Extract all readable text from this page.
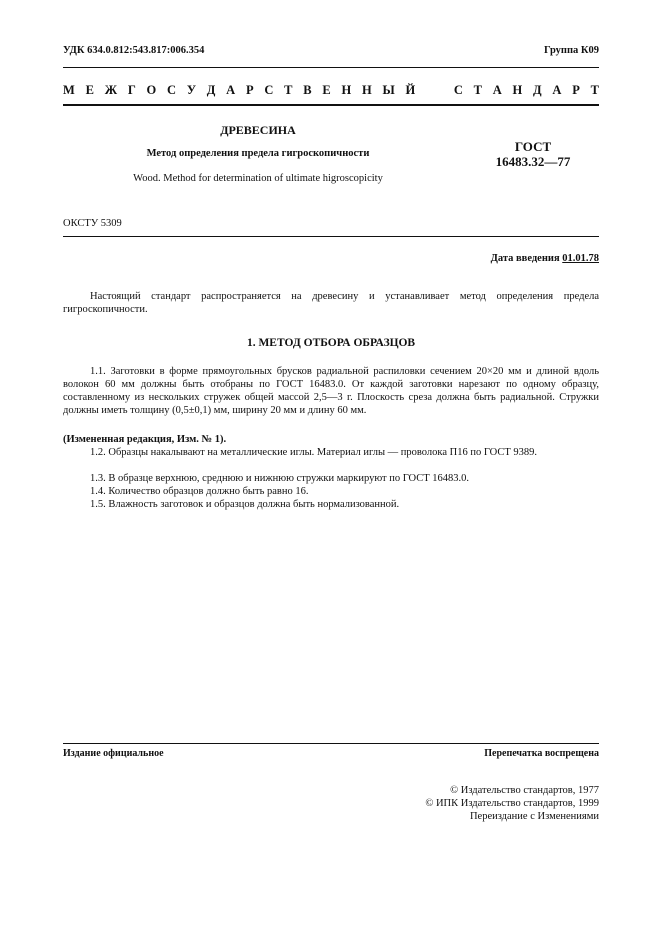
УДК 634.0.812:543.817:006.354	Группа К09
М Е Ж Г О С У Д А Р С Т В Е Н Н Ы Й

	С Т А Н Д А Р Т
ДРЕВЕСИНА
Метод определения предела гигроскопичности
Wood. Method for determination of ultimate higroscopicity
ГОСТ
16483.32—77
ОКСТУ 5309
Дата введения 01.01.78
Настоящий стандарт распространяется на древесину и устанавливает метод определения предела гигроскопичности.
1. МЕТОД ОТБОРА ОБРАЗЦОВ
1.1. Заготовки в форме прямоугольных брусков радиальной распиловки сечением 20×20 мм и длиной вдоль волокон 60 мм должны быть отобраны по ГОСТ 16483.0. От каждой заготовки нарезают по одному образцу, составленному из нескольких стружек общей массой 2,5—3 г. Плоскость среза должна быть радиальной. Стружки должны иметь толщину (0,5±0,1) мм, ширину 20 мм и длину 60 мм.
(Измененная редакция, Изм. № 1).
1.2. Образцы накалывают на металлические иглы. Материал иглы — проволока П16 по ГОСТ 9389.
1.3. В образце верхнюю, среднюю и нижнюю стружки маркируют по ГОСТ 16483.0.
1.4. Количество образцов должно быть равно 16.
1.5. Влажность заготовок и образцов должна быть нормализованной.
Издание официальное	Перепечатка воспрещена
© Издательство стандартов, 1977
© ИПК Издательство стандартов, 1999
Переиздание с Изменениями
